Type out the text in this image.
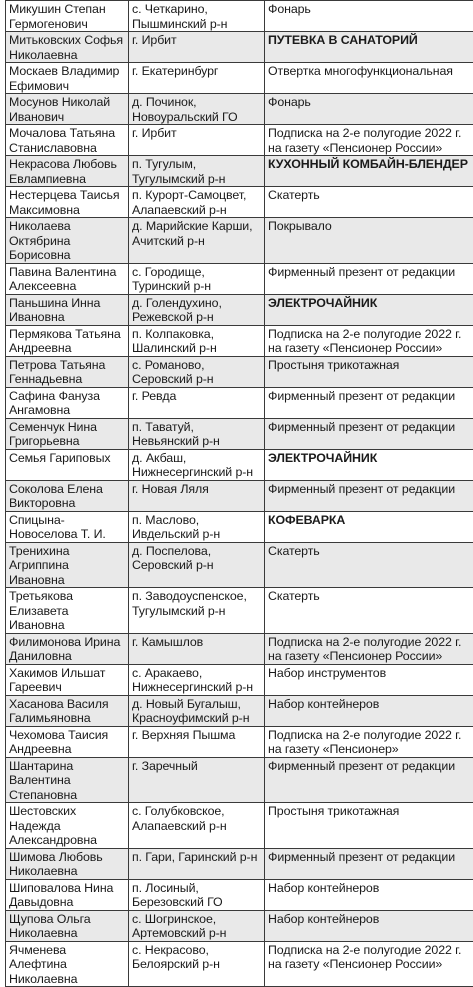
Микушин Степан Гермогенович	с. Четкарино, Пышминский р-н	Фонарь
Митьковских Софья Николаевна	г. Ирбит	ПУТЕВКА В САНАТОРИЙ
Москаев Владимир Ефимович	г. Екатеринбург	Отвертка многофункциональная
Мосунов Николай Иванович	д. Починок, Новоуральский ГО	Фонарь
Мочалова Татьяна Станиславовна	г. Ирбит	Подписка на 2-е полугодие 2022 г. на газету «Пенсионер России»
Некрасова Любовь Евлампиевна	п. Тугулым, Тугулымский р-н	КУХОННЫЙ КОМБАЙН-БЛЕНДЕР
Нестерцева Таисья Максимовна	п. Курорт-Самоцвет, Алапаевский р-н	Скатерть
Николаева Октябрина Борисовна	д. Марийские Карши, Ачитский р-н	Покрывало
Павина Валентина Алексеевна	с. Городище, Туринский р-н	Фирменный презент от редакции
Паньшина Инна Ивановна	д. Голендухино, Режевской р-н	ЭЛЕКТРОЧАЙНИК
Пермякова Татьяна Андреевна	п. Колпаковка, Шалинский р-н	Подписка на 2-е полугодие 2022 г. на газету «Пенсионер России»
Петрова Татьяна Геннадьевна	с. Романово, Серовский р-н	Простыня трикотажная
Сафина Фануза Ангамовна	г. Ревда	Фирменный презент от редакции
Семенчук Нина Григорьевна	п. Таватуй, Невьянский р-н	Фирменный презент от редакции
Семья Гариповых	д. Акбаш, Нижнесергинский р-н	ЭЛЕКТРОЧАЙНИК
Соколова Елена Викторовна	г. Новая Ляля	Фирменный презент от редакции
Спицына-Новоселова Т. И.	п. Маслово, Ивдельский р-н	КОФЕВАРКА
Тренихина Агриппина Ивановна	д. Поспелова, Серовский р-н	Скатерть
Третьякова Елизавета Ивановна	п. Заводоуспенское, Тугулымский р-н	Скатерть
Филимонова Ирина Даниловна	г. Камышлов	Подписка на 2-е полугодие 2022 г. на газету «Пенсионер России»
Хакимов Ильшат Гареевич	с. Аракаево, Нижнесергинский р-н	Набор инструментов
Хасанова Василя Галимьяновна	д. Новый Бугалыш, Красноуфимский р-н	Набор контейнеров
Чехомова Таисия Андреевна	г. Верхняя Пышма	Подписка на 2-е полугодие 2022 г. на газету «Пенсионер»
Шантарина Валентина Степановна	г. Заречный	Фирменный презент от редакции
Шестовских Надежда Александровна	с. Голубковское, Алапаевский р-н	Простыня трикотажная
Шимова Любовь Николаевна	п. Гари, Гаринский р-н	Фирменный презент от редакции
Шиповалова Нина Давыдовна	п. Лосиный, Березовский ГО	Набор контейнеров
Щупова Ольга Николаевна	с. Шогринское, Артемовский р-н	Набор контейнеров
Ячменева Алефтина Николаевна	с. Некрасово, Белоярский р-н	Подписка на 2-е полугодие 2022 г. на газету «Пенсионер России»
